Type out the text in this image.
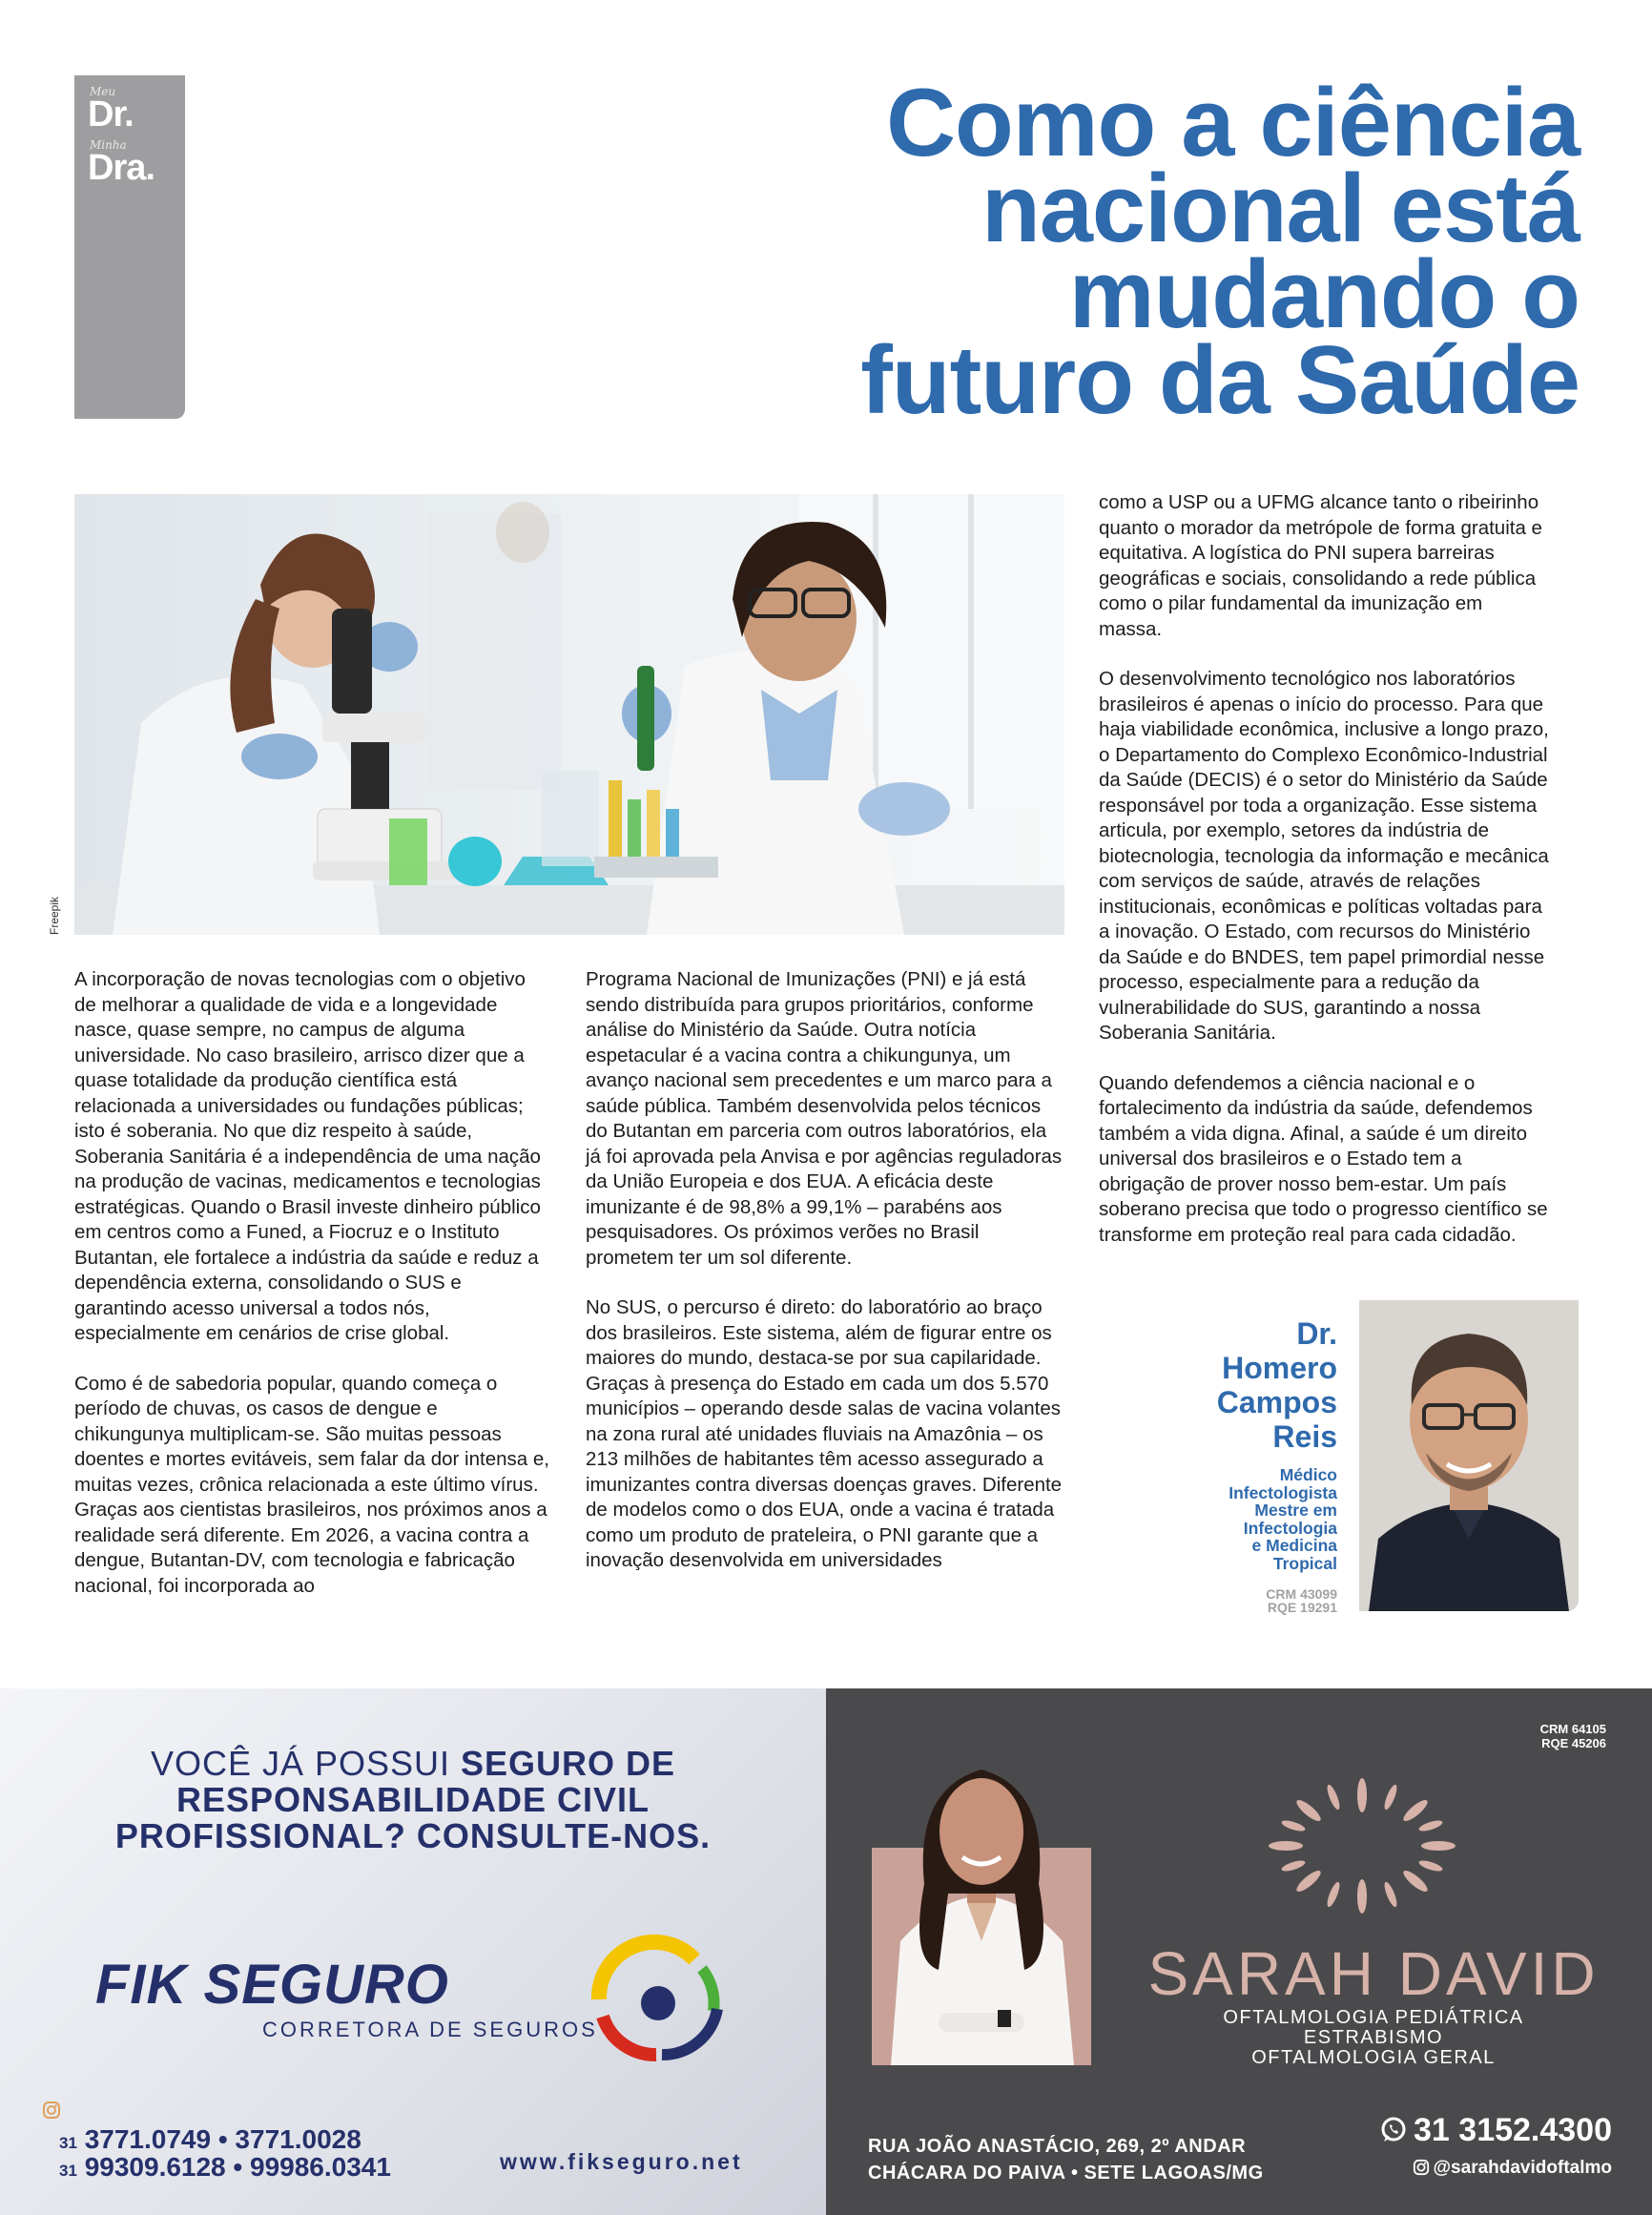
Meu
Dr.
Minha
Dra.	Como a ciência
nacional está
mudando o
futuro da Saúde
Freepik

A incorporação de novas tecnologias com o objetivo de melhorar a qualidade de vida e a longevidade nasce, quase sempre, no campus de alguma universidade. No caso brasileiro, arrisco dizer que a quase totalidade da produção científica está relacionada a universidades ou fundações públicas; isto é soberania. No que diz respeito à saúde, Soberania Sanitária é a independência de uma nação na produção de vacinas, medicamentos e tecnologias estratégicas. Quando o Brasil investe dinheiro público em centros como a Funed, a Fiocruz e o Instituto Butantan, ele fortalece a indústria da saúde e reduz a dependência externa, consolidando o SUS e garantindo acesso universal a todos nós, especialmente em cenários de crise global.

Como é de sabedoria popular, quando começa o período de chuvas, os casos de dengue e chikungunya multiplicam-se. São muitas pessoas doentes e mortes evitáveis, sem falar da dor intensa e, muitas vezes, crônica relacionada a este último vírus. Graças aos cientistas brasileiros, nos próximos anos a realidade será diferente. Em 2026, a vacina contra a dengue, Butantan-DV, com tecnologia e fabricação nacional, foi incorporada ao

Programa Nacional de Imunizações (PNI) e já está sendo distribuída para grupos prioritários, conforme análise do Ministério da Saúde. Outra notícia espetacular é a vacina contra a chikungunya, um avanço nacional sem precedentes e um marco para a saúde pública. Também desenvolvida pelos técnicos do Butantan em parceria com outros laboratórios, ela já foi aprovada pela Anvisa e por agências reguladoras da União Europeia e dos EUA. A eficácia deste imunizante é de 98,8% a 99,1% – parabéns aos pesquisadores. Os próximos verões no Brasil prometem ter um sol diferente.

No SUS, o percurso é direto: do laboratório ao braço dos brasileiros. Este sistema, além de figurar entre os maiores do mundo, destaca-se por sua capilaridade. Graças à presença do Estado em cada um dos 5.570 municípios – operando desde salas de vacina volantes na zona rural até unidades fluviais na Amazônia – os 213 milhões de habitantes têm acesso assegurado a imunizantes contra diversas doenças graves. Diferente de modelos como o dos EUA, onde a vacina é tratada como um produto de prateleira, o PNI garante que a inovação desenvolvida em universidades

como a USP ou a UFMG alcance tanto o ribeirinho quanto o morador da metrópole de forma gratuita e equitativa. A logística do PNI supera barreiras geográficas e sociais, consolidando a rede pública como o pilar fundamental da imunização em massa.

O desenvolvimento tecnológico nos laboratórios brasileiros é apenas o início do processo. Para que haja viabilidade econômica, inclusive a longo prazo, o Departamento do Complexo Econômico-Industrial da Saúde (DECIS) é o setor do Ministério da Saúde responsável por toda a organização. Esse sistema articula, por exemplo, setores da indústria de biotecnologia, tecnologia da informação e mecânica com serviços de saúde, através de relações institucionais, econômicas e políticas voltadas para a inovação. O Estado, com recursos do Ministério da Saúde e do BNDES, tem papel primordial nesse processo, especialmente para a redução da vulnerabilidade do SUS, garantindo a nossa Soberania Sanitária.

Quando defendemos a ciência nacional e o fortalecimento da indústria da saúde, defendemos também a vida digna. Afinal, a saúde é um direito universal dos brasileiros e o Estado tem a obrigação de prover nosso bem-estar. Um país soberano precisa que todo o progresso científico se transforme em proteção real para cada cidadão.

Dr.
Homero
Campos
Reis
Médico
Infectologista
Mestre em
Infectologia
e Medicina
Tropical
CRM 43099
RQE 19291
VOCÊ JÁ POSSUI SEGURO DE
RESPONSABILIDADE CIVIL
PROFISSIONAL? CONSULTE-NOS.
FIK SEGURO
CORRETORA DE SEGUROS
31 3771.0749 • 3771.0028
31 99309.6128 • 99986.0341	www.fikseguro.net
CRM 64105
RQE 45206
SARAH DAVID
OFTALMOLOGIA PEDIÁTRICA
ESTRABISMO
OFTALMOLOGIA GERAL
RUA JOÃO ANASTÁCIO, 269, 2º ANDAR
CHÁCARA DO PAIVA • SETE LAGOAS/MG
31 3152.4300
@sarahdavidoftalmo
